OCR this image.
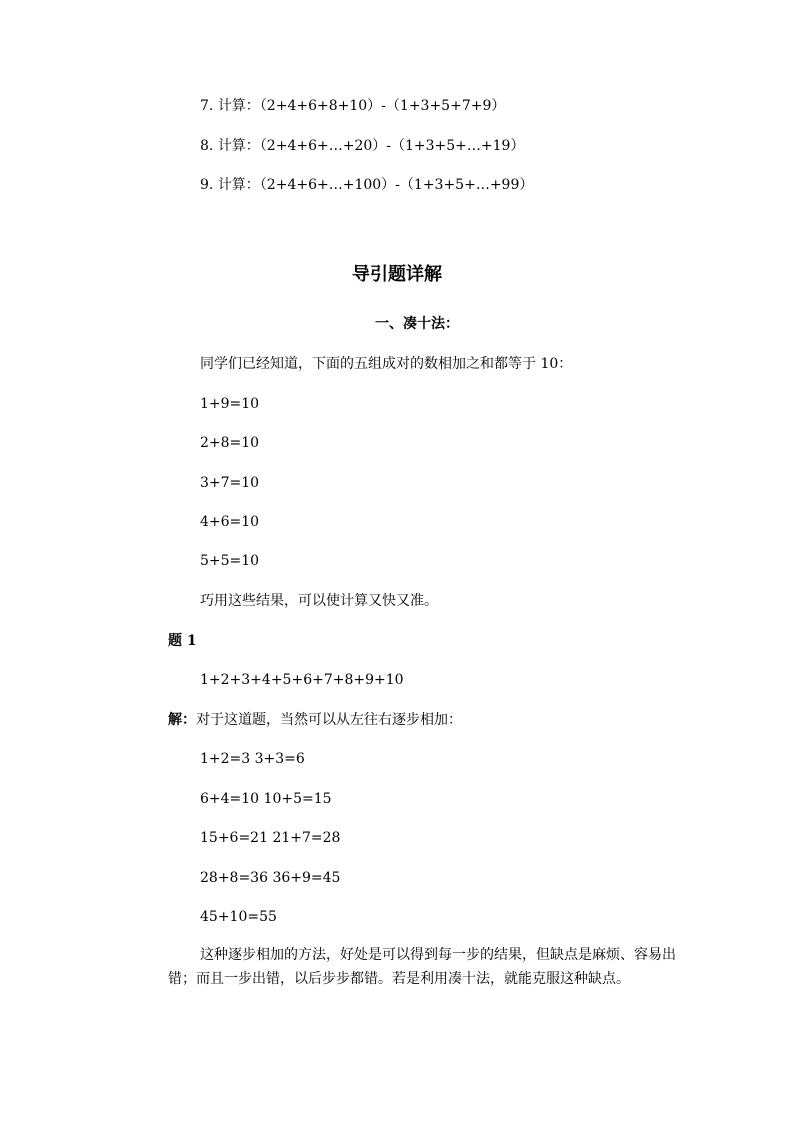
7. 计算：（2+4+6+8+10）-（1+3+5+7+9）
8. 计算：（2+4+6+…+20）-（1+3+5+…+19）
9. 计算：（2+4+6+…+100）-（1+3+5+…+99）
导引题详解
一、凑十法：
同学们已经知道，下面的五组成对的数相加之和都等于 10：
1+9=10
2+8=10
3+7=10
4+6=10
5+5=10
巧用这些结果，可以使计算又快又准。
题 1
1+2+3+4+5+6+7+8+9+10
解：对于这道题，当然可以从左往右逐步相加：
1+2=3 3+3=6
6+4=10 10+5=15
15+6=21 21+7=28
28+8=36 36+9=45
45+10=55
这种逐步相加的方法，好处是可以得到每一步的结果，但缺点是麻烦、容易出错；而且一步出错，以后步步都错。若是利用凑十法，就能克服这种缺点。
